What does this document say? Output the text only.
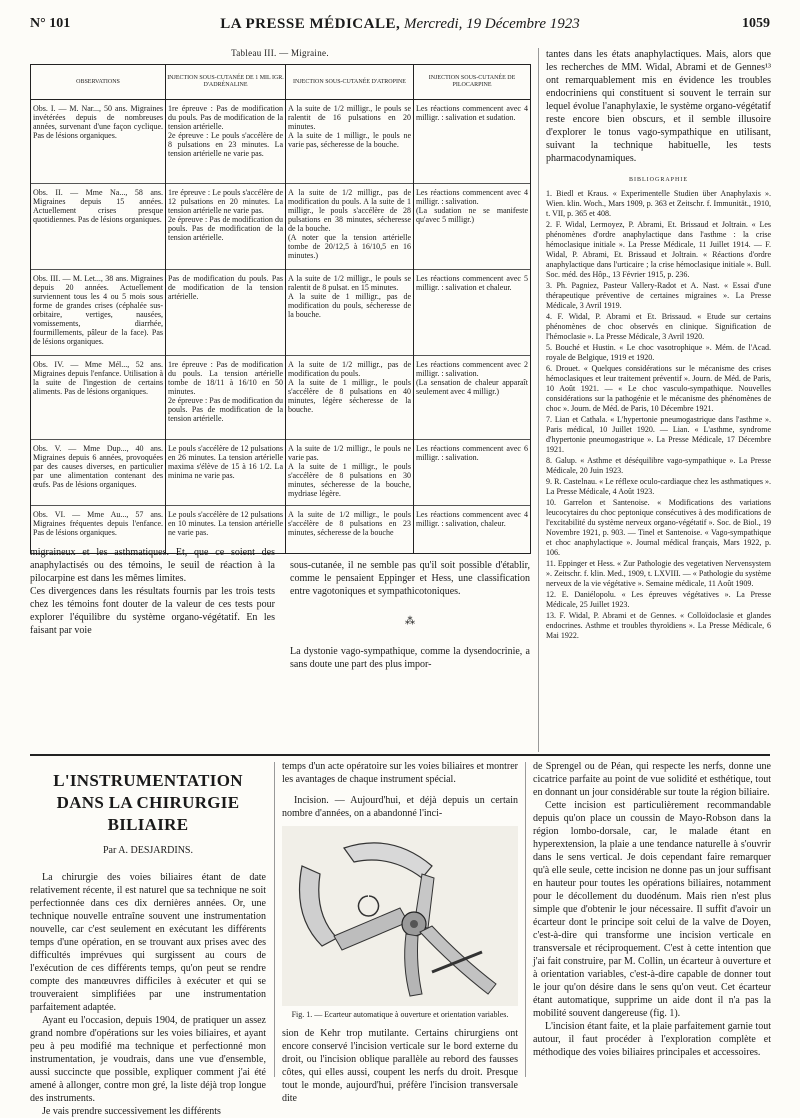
N° 101	LA PRESSE MÉDICALE, Mercredi, 19 Décembre 1923	1059
Tableau III. — Migraine.
OBSERVATIONS	INJECTION SOUS-CUTANÉE DE 1 MIL IGR. D'ADRÉNALINE	INJECTION SOUS-CUTANÉE D'ATROPINE	INJECTION SOUS-CUTANÉE DE PILOCARPINE

Obs. I. — M. Nar..., 50 ans. Migraines invétérées depuis de nombreuses années, survenant d'une façon cyclique. Pas de lésions organiques.	1re épreuve : Pas de modification du pouls. Pas de modification de la tension artérielle.
2e épreuve : Le pouls s'accélère de 8 pulsations en 23 minutes. La tension artérielle ne varie pas.	A la suite de 1/2 milligr., le pouls se ralentit de 16 pulsations en 20 minutes.
A la suite de 1 milligr., le pouls ne varie pas, sécheresse de la bouche.	Les réactions commencent avec 4 milligr. : salivation et sudation.

Obs. II. — Mme Na..., 58 ans. Migraines depuis 15 années. Actuellement crises presque quotidiennes. Pas de lésions organiques.	1re épreuve : Le pouls s'accélère de 12 pulsations en 20 minutes. La tension artérielle ne varie pas.
2e épreuve : Pas de modification du pouls. Pas de modification de la tension artérielle.	A la suite de 1/2 milligr., pas de modification du pouls. A la suite de 1 milligr., le pouls s'accélère de 28 pulsations en 38 minutes, sécheresse de la bouche.
(A noter que la tension artérielle tombe de 20/12,5 à 16/10,5 en 16 minutes.)	Les réactions commencent avec 4 milligr. : salivation.
(La sudation ne se manifeste qu'avec 5 milligr.)

Obs. III. — M. Let..., 38 ans. Migraines depuis 20 années. Actuellement surviennent tous les 4 ou 5 mois sous forme de grandes crises (céphalée sus-orbitaire, vertiges, nausées, vomissements, diarrhée, fourmillements, pâleur de la face). Pas de lésions organiques.	Pas de modification du pouls. Pas de modification de la tension artérielle.	A la suite de 1/2 milligr., le pouls se ralentit de 8 pulsat. en 15 minutes.
A la suite de 1 milligr., pas de modification du pouls, sécheresse de la bouche.	Les réactions commencent avec 5 milligr. : salivation et chaleur.

Obs. IV. — Mme Mél..., 52 ans. Migraines depuis l'enfance. Utilisation à la suite de l'ingestion de certains aliments. Pas de lésions organiques.	1re épreuve : Pas de modification du pouls. La tension artérielle tombe de 18/11 à 16/10 en 50 minutes.
2e épreuve : Pas de modification du pouls. Pas de modification de la tension artérielle.	A la suite de 1/2 milligr., pas de modification du pouls.
A la suite de 1 milligr., le pouls s'accélère de 8 pulsations en 40 minutes, légère sécheresse de la bouche.	Les réactions commencent avec 2 milligr. : salivation.
(La sensation de chaleur apparaît seulement avec 4 milligr.)

Obs. V. — Mme Dup..., 40 ans. Migraines depuis 6 années, provoquées par des causes diverses, en particulier par une alimentation contenant des œufs. Pas de lésions organiques.	Le pouls s'accélère de 12 pulsations en 26 minutes. La tension artérielle maxima s'élève de 15 à 16 1/2. La minima ne varie pas.	A la suite de 1/2 milligr., le pouls ne varie pas.
A la suite de 1 milligr., le pouls s'accélère de 8 pulsations en 30 minutes, sécheresse de la bouche, mydriase légère.	Les réactions commencent avec 6 milligr. : salivation.

Obs. VI. — Mme Au..., 57 ans. Migraines fréquentes depuis l'enfance. Pas de lésions organiques.	Le pouls s'accélère de 12 pulsations en 10 minutes. La tension artérielle ne varie pas.	A la suite de 1/2 milligr., le pouls s'accélère de 8 pulsations en 23 minutes, sécheresse de la bouche	Les réactions commencent avec 4 milligr. : salivation, chaleur.
migraineux et les asthmatiques. Et, que ce soient des anaphylactisés ou des témoins, le seuil de réaction à la pilocarpine est dans les mêmes limites.
Ces divergences dans les résultats fournis par les trois tests chez les témoins font douter de la valeur de ces tests pour explorer l'équilibre du système organo-végétatif. En les faisant par voie

sous-cutanée, il ne semble pas qu'il soit possible d'établir, comme le pensaient Eppinger et Hess, une classification entre vagotoniques et sympathicotoniques.

⁂

La dystonie vago-sympathique, comme la dysendocrinie, a sans doute une part des plus impor-

tantes dans les états anaphylactiques. Mais, alors que les recherches de MM. Widal, Abrami et de Gennes¹³ ont remarquablement mis en évidence les troubles endocriniens qui constituent si souvent le terrain sur lequel évolue l'anaphylaxie, le système organo-végétatif reste encore bien obscurs, et il semble illusoire d'explorer le tonus vago-sympathique en utilisant, suivant la technique habituelle, les tests pharmacodynamiques.
BIBLIOGRAPHIE
1. Biedl et Kraus. « Experimentelle Studien über Anaphylaxis ». Wien. klin. Woch., Mars 1909, p. 363 et Zeitschr. f. Immunität., 1910, t. VII, p. 365 et 408.
2. F. Widal, Lermoyez, P. Abrami, Et. Brissaud et Joltrain. « Les phénomènes d'ordre anaphylactique dans l'asthme : la crise hémoclasique initiale ». La Presse Médicale, 11 Juillet 1914. — F. Widal, P. Abrami, Et. Brissaud et Joltrain. « Réactions d'ordre anaphylactique dans l'urticaire ; la crise hémoclasique initiale ». Bull. Soc. méd. des Hôp., 13 Février 1915, p. 236.
3. Ph. Pagniez, Pasteur Vallery-Radot et A. Nast. « Essai d'une thérapeutique préventive de certaines migraines ». La Presse Médicale, 3 Avril 1919.
4. F. Widal, P. Abrami et Et. Brissaud. « Etude sur certains phénomènes de choc observés en clinique. Signification de l'hémoclasie ». La Presse Médicale, 3 Avril 1920.
5. Bouché et Hustin. « Le choc vasotrophique ». Mém. de l'Acad. royale de Belgique, 1919 et 1920.
6. Drouet. « Quelques considérations sur le mécanisme des crises hémoclasiques et leur traitement préventif ». Journ. de Méd. de Paris, 10 Août 1921. — « Le choc vasculo-sympathique. Nouvelles considérations sur la pathogénie et le mécanisme des phénomènes de choc ». Journ. de Méd. de Paris, 10 Décembre 1921.
7. Lian et Cathala. « L'hypertonie pneumogastrique dans l'asthme ». Paris médical, 10 Juillet 1920. — Lian. « L'asthme, syndrome d'hypertonie pneumogastrique ». La Presse Médicale, 17 Décembre 1921.
8. Galup. « Asthme et déséquilibre vago-sympathique ». La Presse Médicale, 20 Juin 1923.
9. R. Castelnau. « Le réflexe oculo-cardiaque chez les asthmatiques ». La Presse Médicale, 4 Août 1923.
10. Garrelon et Santenoise. « Modifications des variations leucocytaires du choc peptonique consécutives à des modifications de l'excitabilité du système nerveux organo-végétatif ». Soc. de Biol., 19 Novembre 1921, p. 903. — Tinel et Santenoise. « Vago-sympathique et choc anaphylactique ». Journal médical français, Mars 1922, p. 106.
11. Eppinger et Hess. « Zur Pathologie des vegetativen Nervensystem ». Zeitschr. f. klin. Med., 1909, t. LXVIII. — « Pathologie du système nerveux de la vie végétative ». Semaine médicale, 11 Août 1909.
12. E. Daniélopolu. « Les épreuves végétatives ». La Presse Médicale, 25 Juillet 1923.
13. F. Widal, P. Abrami et de Gennes. « Colloïdoclasie et glandes endocrines. Asthme et troubles thyroïdiens ». La Presse Médicale, 6 Mai 1922.
L'INSTRUMENTATION
DANS LA CHIRURGIE BILIAIRE
Par A. DESJARDINS.

La chirurgie des voies biliaires étant de date relativement récente, il est naturel que sa technique ne soit perfectionnée dans ces dix dernières années. Or, une technique nouvelle entraîne souvent une instrumentation nouvelle, car c'est seulement en exécutant les différents temps d'une opération, en se trouvant aux prises avec des difficultés imprévues qui surgissent au cours de l'exécution de ces différents temps, qu'on peut se rendre compte des manœuvres difficiles à exécuter et qui se trouveraient simplifiées par une instrumentation parfaitement adaptée.

Ayant eu l'occasion, depuis 1904, de pratiquer un assez grand nombre d'opérations sur les voies biliaires, et ayant peu à peu modifié ma technique et perfectionné mon instrumentation, je voudrais, dans une vue d'ensemble, aussi succincte que possible, expliquer comment j'ai été amené à allonger, contre mon gré, la liste déjà trop longue des instruments.

Je vais prendre successivement les différents

temps d'un acte opératoire sur les voies biliaires et montrer les avantages de chaque instrument spécial.

Incision. — Aujourd'hui, et déjà depuis un certain nombre d'années, on a abandonné l'inci-

Fig. 1. — Ecarteur automatique à ouverture et orientation variables.

sion de Kehr trop mutilante. Certains chirurgiens ont encore conservé l'incision verticale sur le bord externe du droit, ou l'incision oblique parallèle au rebord des fausses côtes, qui elles aussi, coupent les nerfs du droit. Presque tout le monde, aujourd'hui, préfère l'incision transversale dite

de Sprengel ou de Péan, qui respecte les nerfs, donne une cicatrice parfaite au point de vue solidité et esthétique, tout en donnant un jour considérable sur toute la région biliaire.

Cette incision est particulièrement recommandable depuis qu'on place un coussin de Mayo-Robson dans la région lombo-dorsale, car, le malade étant en hyperextension, la plaie a une tendance naturelle à s'ouvrir dans le sens vertical. Je dois cependant faire remarquer qu'à elle seule, cette incision ne donne pas un jour suffisant en hauteur pour toutes les opérations biliaires, notamment pour le décollement du duodénum. Mais rien n'est plus simple que d'obtenir le jour nécessaire. Il suffit d'avoir un écarteur dont le principe soit celui de la valve de Doyen, c'est-à-dire qui transforme une incision verticale en transversale et réciproquement. C'est à cette intention que j'ai fait construire, par M. Collin, un écarteur à ouverture et à orientation variables, c'est-à-dire capable de donner tout le jour qu'on désire dans le sens qu'on veut. Cet écarteur étant automatique, supprime un aide dont il n'a pas la mobilité souvent dangereuse (fig. 1).

L'incision étant faite, et la plaie parfaitement garnie tout autour, il faut procéder à l'exploration complète et méthodique des voies biliaires principales et accessoires.
